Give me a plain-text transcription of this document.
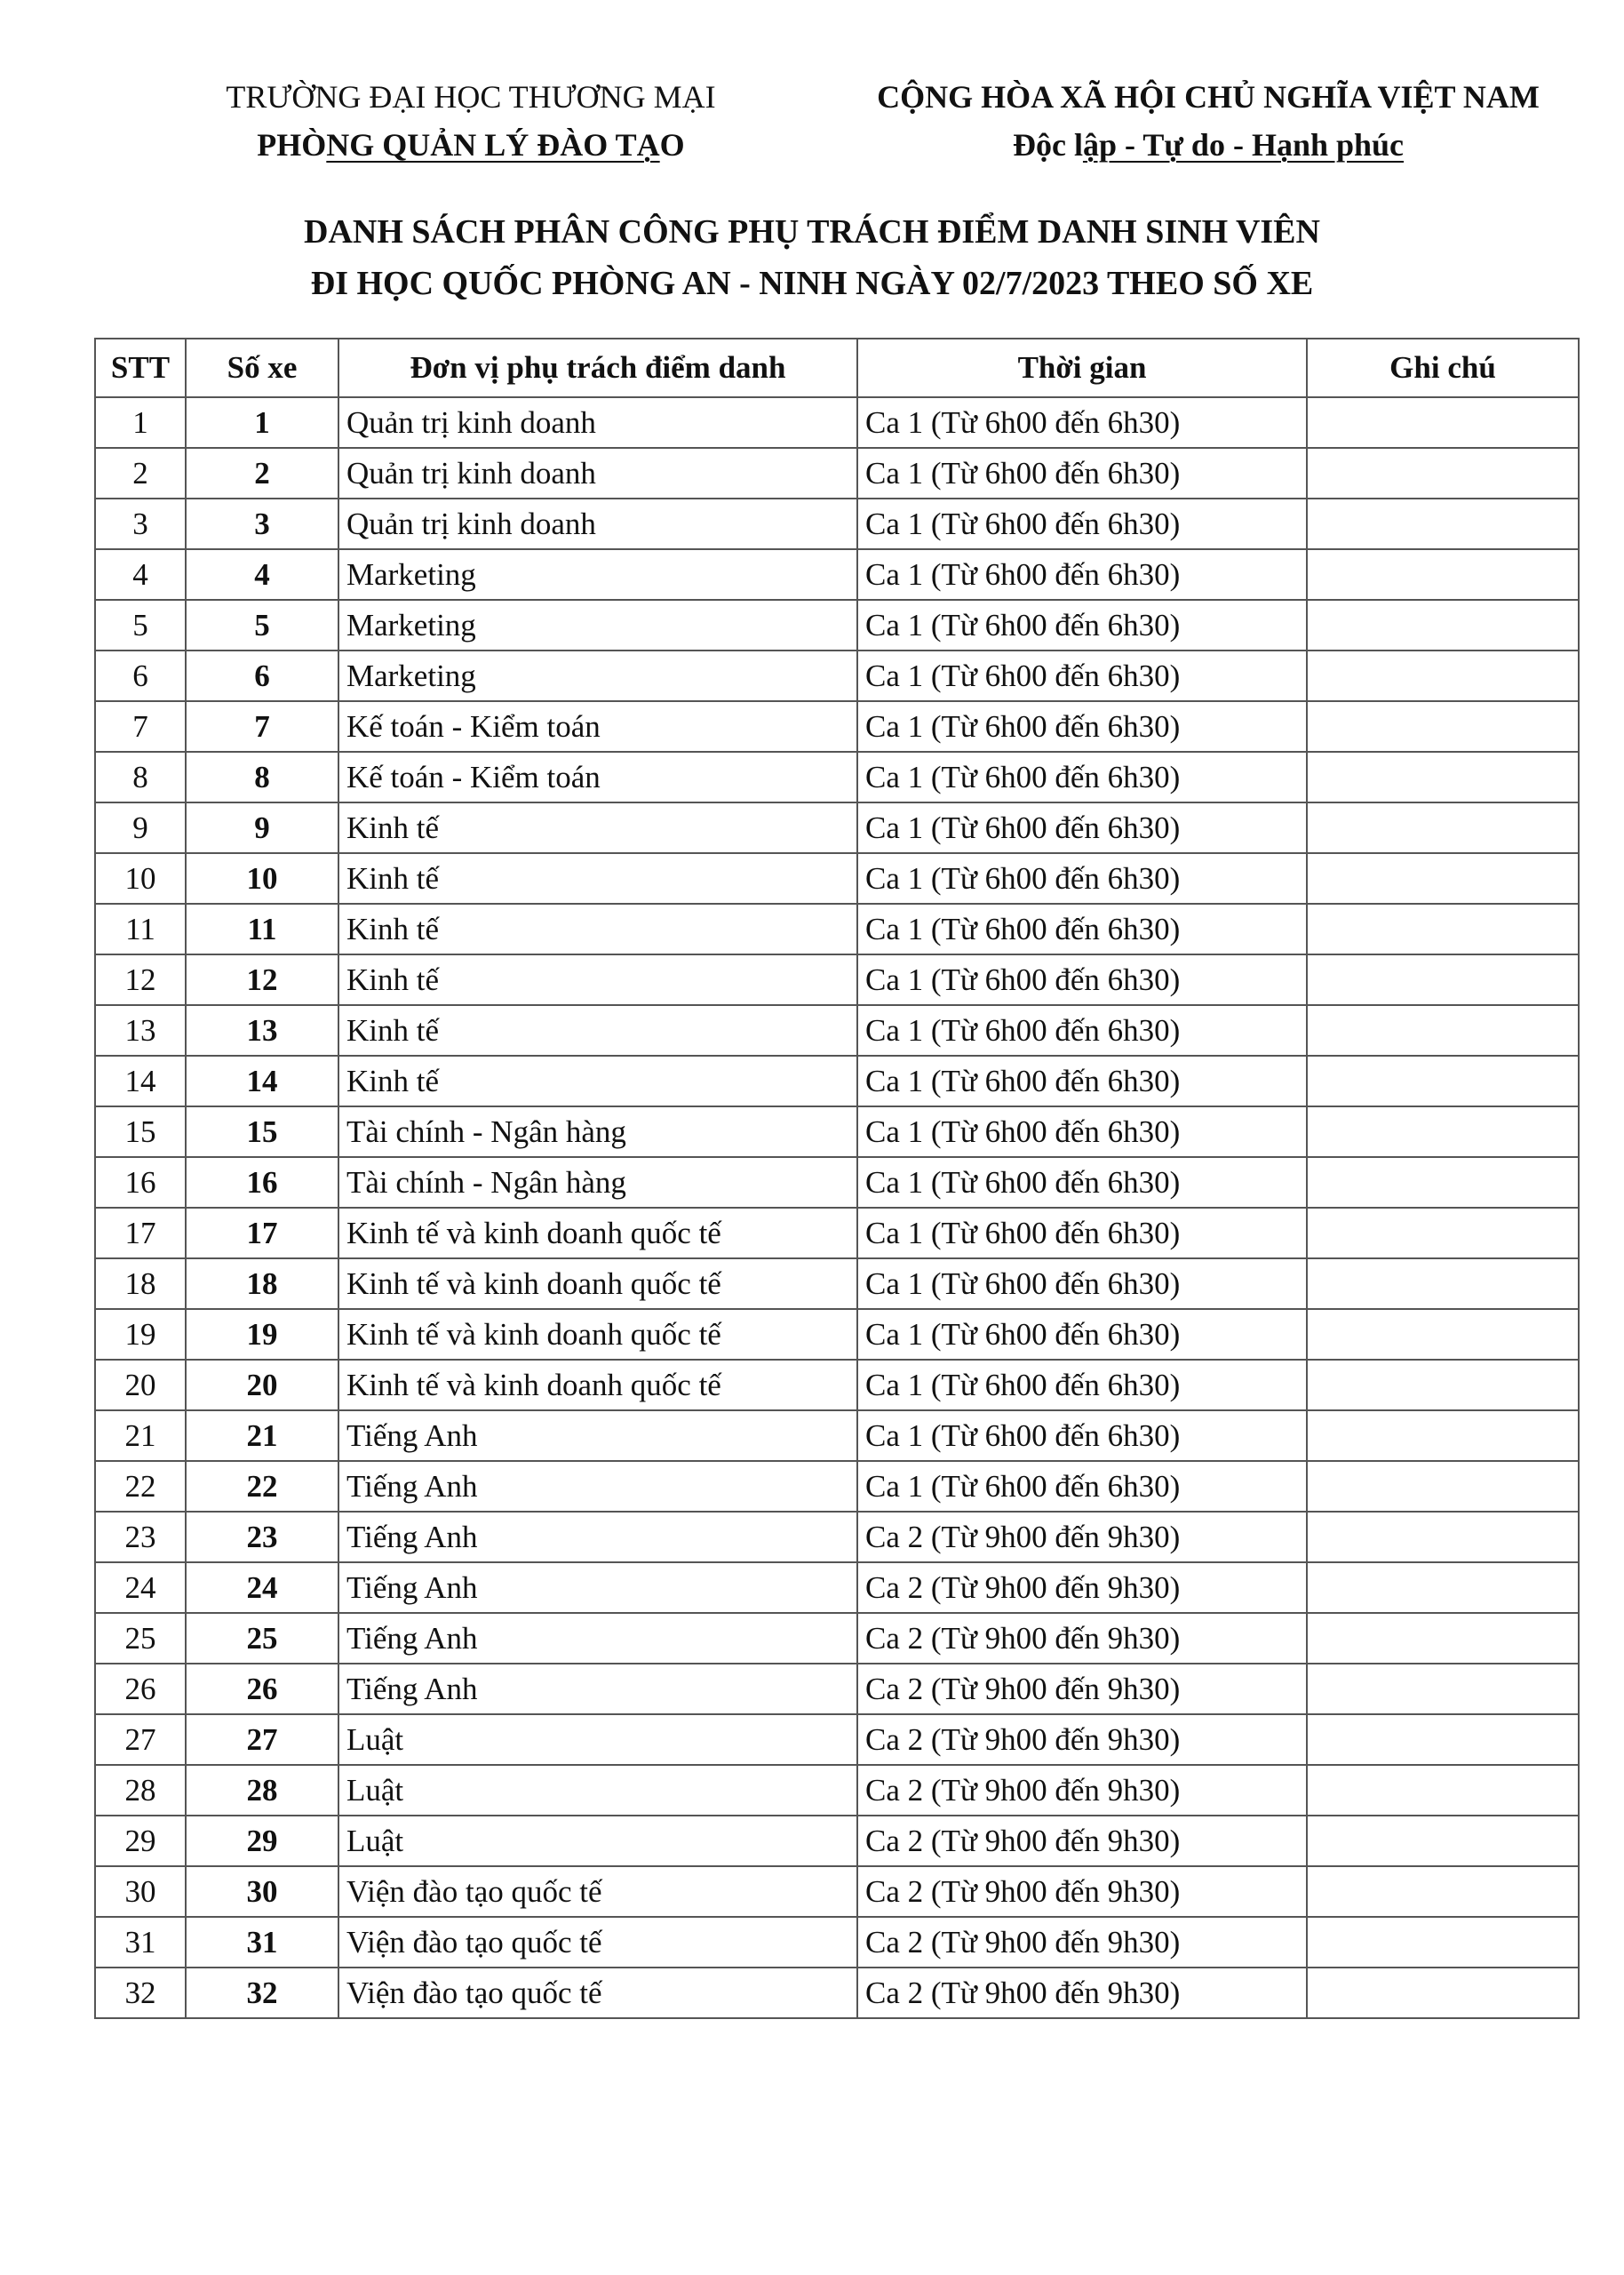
TRƯỜNG ĐẠI HỌC THƯƠNG MẠI
PHÒNG QUẢN LÝ ĐÀO TẠO
CỘNG HÒA XÃ HỘI CHỦ NGHĨA VIỆT NAM
Độc lập - Tự do - Hạnh phúc
DANH SÁCH PHÂN CÔNG PHỤ TRÁCH ĐIỂM DANH SINH VIÊN
ĐI HỌC QUỐC PHÒNG AN - NINH NGÀY 02/7/2023 THEO SỐ XE
STT	Số xe	Đơn vị phụ trách điểm danh	Thời gian	Ghi chú
1	1	Quản trị kinh doanh	Ca 1 (Từ 6h00 đến 6h30)	
2	2	Quản trị kinh doanh	Ca 1 (Từ 6h00 đến 6h30)	
3	3	Quản trị kinh doanh	Ca 1 (Từ 6h00 đến 6h30)	
4	4	Marketing	Ca 1 (Từ 6h00 đến 6h30)	
5	5	Marketing	Ca 1 (Từ 6h00 đến 6h30)	
6	6	Marketing	Ca 1 (Từ 6h00 đến 6h30)	
7	7	Kế toán - Kiểm toán	Ca 1 (Từ 6h00 đến 6h30)	
8	8	Kế toán - Kiểm toán	Ca 1 (Từ 6h00 đến 6h30)	
9	9	Kinh tế	Ca 1 (Từ 6h00 đến 6h30)	
10	10	Kinh tế	Ca 1 (Từ 6h00 đến 6h30)	
11	11	Kinh tế	Ca 1 (Từ 6h00 đến 6h30)	
12	12	Kinh tế	Ca 1 (Từ 6h00 đến 6h30)	
13	13	Kinh tế	Ca 1 (Từ 6h00 đến 6h30)	
14	14	Kinh tế	Ca 1 (Từ 6h00 đến 6h30)	
15	15	Tài chính - Ngân hàng	Ca 1 (Từ 6h00 đến 6h30)	
16	16	Tài chính - Ngân hàng	Ca 1 (Từ 6h00 đến 6h30)	
17	17	Kinh tế và kinh doanh quốc tế	Ca 1 (Từ 6h00 đến 6h30)	
18	18	Kinh tế và kinh doanh quốc tế	Ca 1 (Từ 6h00 đến 6h30)	
19	19	Kinh tế và kinh doanh quốc tế	Ca 1 (Từ 6h00 đến 6h30)	
20	20	Kinh tế và kinh doanh quốc tế	Ca 1 (Từ 6h00 đến 6h30)	
21	21	Tiếng Anh	Ca 1 (Từ 6h00 đến 6h30)	
22	22	Tiếng Anh	Ca 1 (Từ 6h00 đến 6h30)	
23	23	Tiếng Anh	Ca 2 (Từ 9h00 đến 9h30)	
24	24	Tiếng Anh	Ca 2 (Từ 9h00 đến 9h30)	
25	25	Tiếng Anh	Ca 2 (Từ 9h00 đến 9h30)	
26	26	Tiếng Anh	Ca 2 (Từ 9h00 đến 9h30)	
27	27	Luật	Ca 2 (Từ 9h00 đến 9h30)	
28	28	Luật	Ca 2 (Từ 9h00 đến 9h30)	
29	29	Luật	Ca 2 (Từ 9h00 đến 9h30)	
30	30	Viện đào tạo quốc tế	Ca 2 (Từ 9h00 đến 9h30)	
31	31	Viện đào tạo quốc tế	Ca 2 (Từ 9h00 đến 9h30)	
32	32	Viện đào tạo quốc tế	Ca 2 (Từ 9h00 đến 9h30)	
